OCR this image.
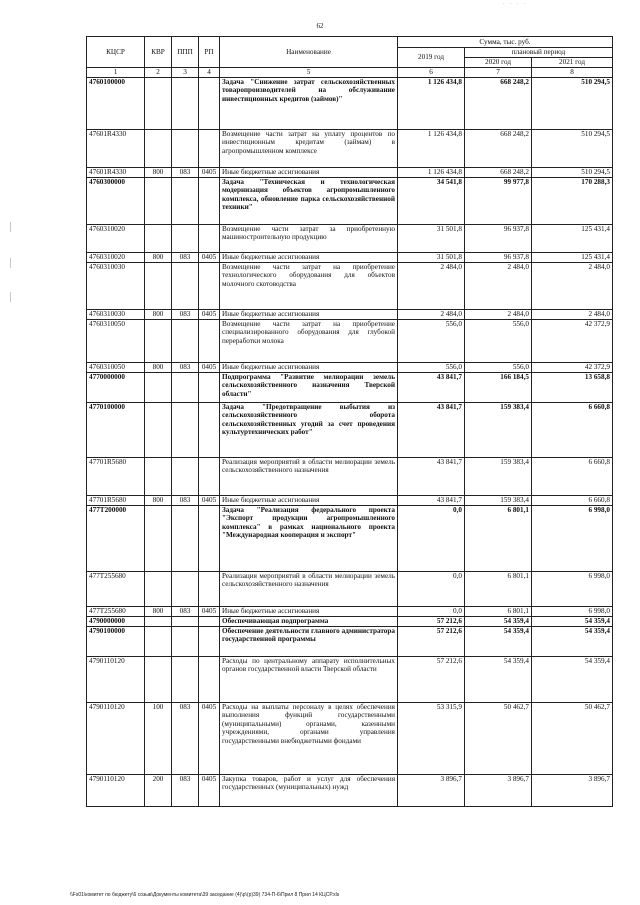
. . . .
62
КЦСР	КВР	ППП	РП	Наименование	Сумма, тыс. руб.		
					2019 год	плановый период	
						2020 год	2021 год
1	2	3	4	5	6	7	8
4760100000				Задача "Снижение затрат сельскохозяйственных товаропроизводителей на обслуживание инвестиционных кредитов (займов)"	1 126 434,8	668 248,2	510 294,5
47601R4330				Возмещение части затрат на уплату процентов по инвестиционным кредитам (займам) в агропромышленном комплексе	1 126 434,8	668 248,2	510 294,5
47601R4330	800	083	0405	Иные бюджетные ассигнования	1 126 434,8	668 248,2	510 294,5
4760300000				Задача "Техническая и технологическая модернизация объектов агропромышленного комплекса, обновление парка сельскохозяйственной техники"	34 541,8	99 977,8	170 288,3
4760310020				Возмещение части затрат за приобретенную машиностроительную продукцию	31 501,8	96 937,8	125 431,4
4760310020	800	083	0405	Иные бюджетные ассигнования	31 501,8	96 937,8	125 431,4
4760310030				Возмещение части затрат на приобретение технологического оборудования для объектов молочного скотоводства	2 484,0	2 484,0	2 484,0
4760310030	800	083	0405	Иные бюджетные ассигнования	2 484,0	2 484,0	2 484,0
4760310050				Возмещение части затрат на приобретение специализированного оборудования для глубокой переработки молока	556,0	556,0	42 372,9
4760310050	800	083	0405	Иные бюджетные ассигнования	556,0	556,0	42 372,9
4770000000				Подпрограмма "Развитие мелиорации земель сельскохозяйственного назначения Тверской области"	43 841,7	166 184,5	13 658,8
4770100000				Задача "Предотвращение выбытия из сельскохозяйственного оборота сельскохозяйственных угодий за счет проведения культуртехнических работ"	43 841,7	159 383,4	6 660,8
47701R5680				Реализация мероприятий в области мелиорации земель сельскохозяйственного назначения	43 841,7	159 383,4	6 660,8
47701R5680	800	083	0405	Иные бюджетные ассигнования	43 841,7	159 383,4	6 660,8
477T200000				Задача "Реализация федерального проекта "Экспорт продукции агропромышленного комплекса" в рамках национального проекта "Международная кооперация и экспорт"	0,0	6 801,1	6 998,0
477T255680				Реализация мероприятий в области мелиорации земель сельскохозяйственного назначения	0,0	6 801,1	6 998,0
477T255680	800	083	0405	Иные бюджетные ассигнования	0,0	6 801,1	6 998,0
4790000000				Обеспечивающая подпрограмма	57 212,6	54 359,4	54 359,4
4790100000				Обеспечение деятельности главного администратора государственной программы	57 212,6	54 359,4	54 359,4
4790110120				Расходы по центральному аппарату исполнительных органов государственной власти Тверской области	57 212,6	54 359,4	54 359,4
4790110120	100	083	0405	Расходы на выплаты персоналу в целях обеспечения выполнения функций государственными (муниципальными) органами, казенными учреждениями, органами управления государственными внебюджетными фондами	53 315,9	50 462,7	50 462,7
4790110120	200	083	0405	Закупка товаров, работ и услуг для обеспечения государственных (муниципальных) нужд	3 896,7	3 896,7	3 896,7
\\Fs01\комитет по бюджету\6 созыв\Документы комитета\39 заседание (4)\р\(р)39) 734-П-6\Прил 8 Прил 14 КЦСР.xls
